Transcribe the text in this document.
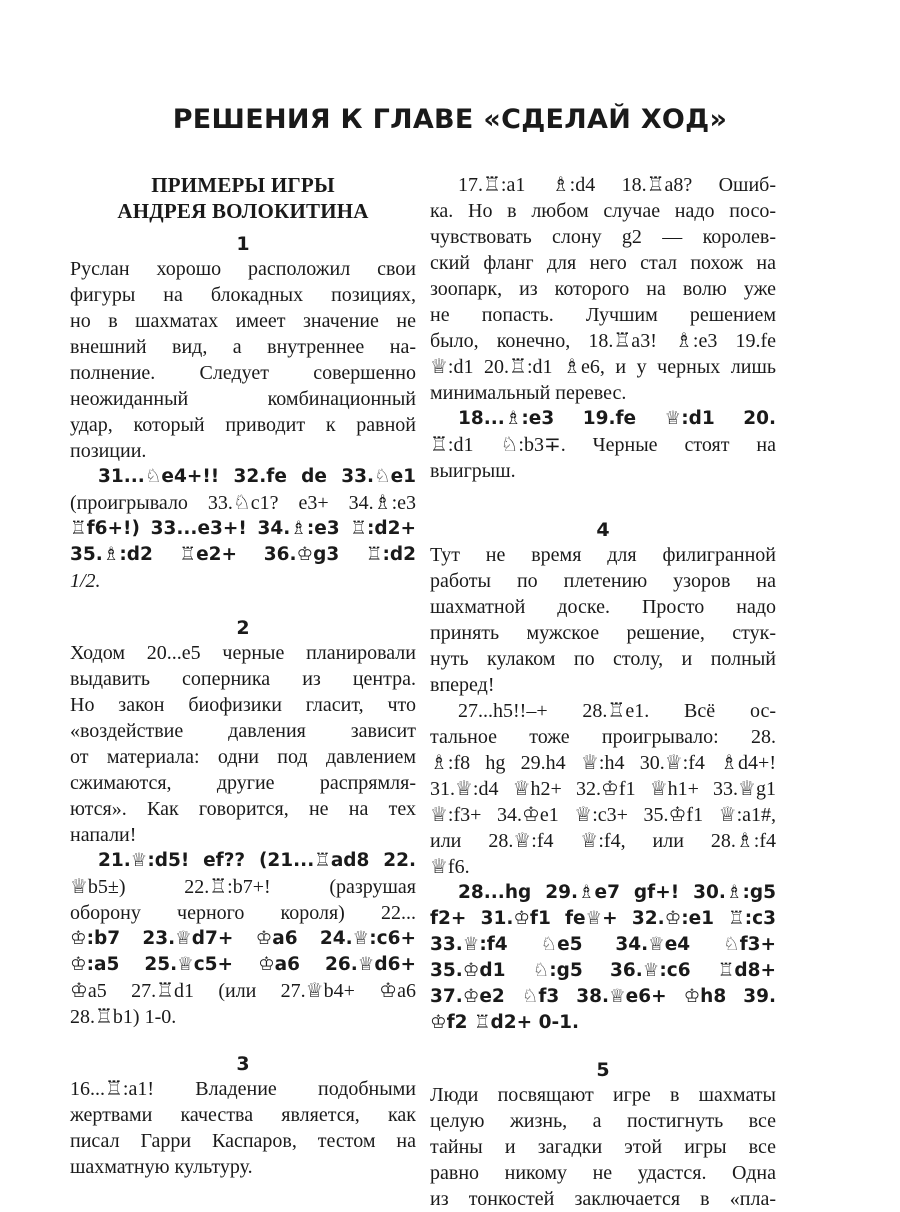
РЕШЕНИЯ К ГЛАВЕ «СДЕЛАЙ ХОД»
ПРИМЕРЫ ИГРЫ
АНДРЕЯ ВОЛОКИТИНА
1
Руслан хорошо расположил свои
фигуры на блокадных позициях,
но в шахматах имеет значение не
внешний вид, а внутреннее на-
полнение. Следует совершенно
неожиданный комбинационный
удар, который приводит к равной
позиции.
31...♘e4+!! 32.fe de 33.♘e1
(проигрывало 33.♘c1? e3+ 34.♗:e3
♖f6+!) 33...e3+! 34.♗:e3 ♖:d2+
35.♗:d2 ♖e2+ 36.♔g3 ♖:d2
1/2.
2
Ходом 20...е5 черные планировали
выдавить соперника из центра.
Но закон биофизики гласит, что
«воздействие давления зависит
от материала: одни под давлением
сжимаются, другие распрямля-
ются». Как говорится, не на тех
напали!
21.♕:d5! ef?? (21...♖ad8 22.
♕b5±) 22.♖:b7+! (разрушая
оборону черного короля) 22...
♔:b7 23.♕d7+ ♔a6 24.♕:c6+
♔:a5 25.♕c5+ ♔a6 26.♕d6+
♔a5 27.♖d1 (или 27.♕b4+ ♔a6
28.♖b1) 1-0.
3
16...♖:a1! Владение подобными
жертвами качества является, как
писал Гарри Каспаров, тестом на
шахматную культуру.
17.♖:a1 ♗:d4 18.♖a8? Ошиб-
ка. Но в любом случае надо посо-
чувствовать слону g2 — королев-
ский фланг для него стал похож на
зоопарк, из которого на волю уже
не попасть. Лучшим решением
было, конечно, 18.♖a3! ♗:e3 19.fe
♕:d1 20.♖:d1 ♗e6, и у черных лишь
минимальный перевес.
18...♗:e3 19.fe ♕:d1 20.
♖:d1 ♘:b3∓. Черные стоят на
выигрыш.
4
Тут не время для филигранной
работы по плетению узоров на
шахматной доске. Просто надо
принять мужское решение, стук-
нуть кулаком по столу, и полный
вперед!
27...h5!!–+ 28.♖e1. Всё ос-
тальное тоже проигрывало: 28.
♗:f8 hg 29.h4 ♕:h4 30.♕:f4 ♗d4+!
31.♕:d4 ♕h2+ 32.♔f1 ♕h1+ 33.♕g1
♕:f3+ 34.♔e1 ♕:c3+ 35.♔f1 ♕:a1#,
или 28.♕:f4 ♕:f4, или 28.♗:f4
♕f6.
28...hg 29.♗e7 gf+! 30.♗:g5
f2+ 31.♔f1 fe♕+ 32.♔:e1 ♖:c3
33.♕:f4 ♘e5 34.♕e4 ♘f3+
35.♔d1 ♘:g5 36.♕:c6 ♖d8+
37.♔e2 ♘f3 38.♕e6+ ♔h8 39.
♔f2 ♖d2+ 0-1.
5
Люди посвящают игре в шахматы
целую жизнь, а постигнуть все
тайны и загадки этой игры все
равно никому не удастся. Одна
из тонкостей заключается в «пла-
